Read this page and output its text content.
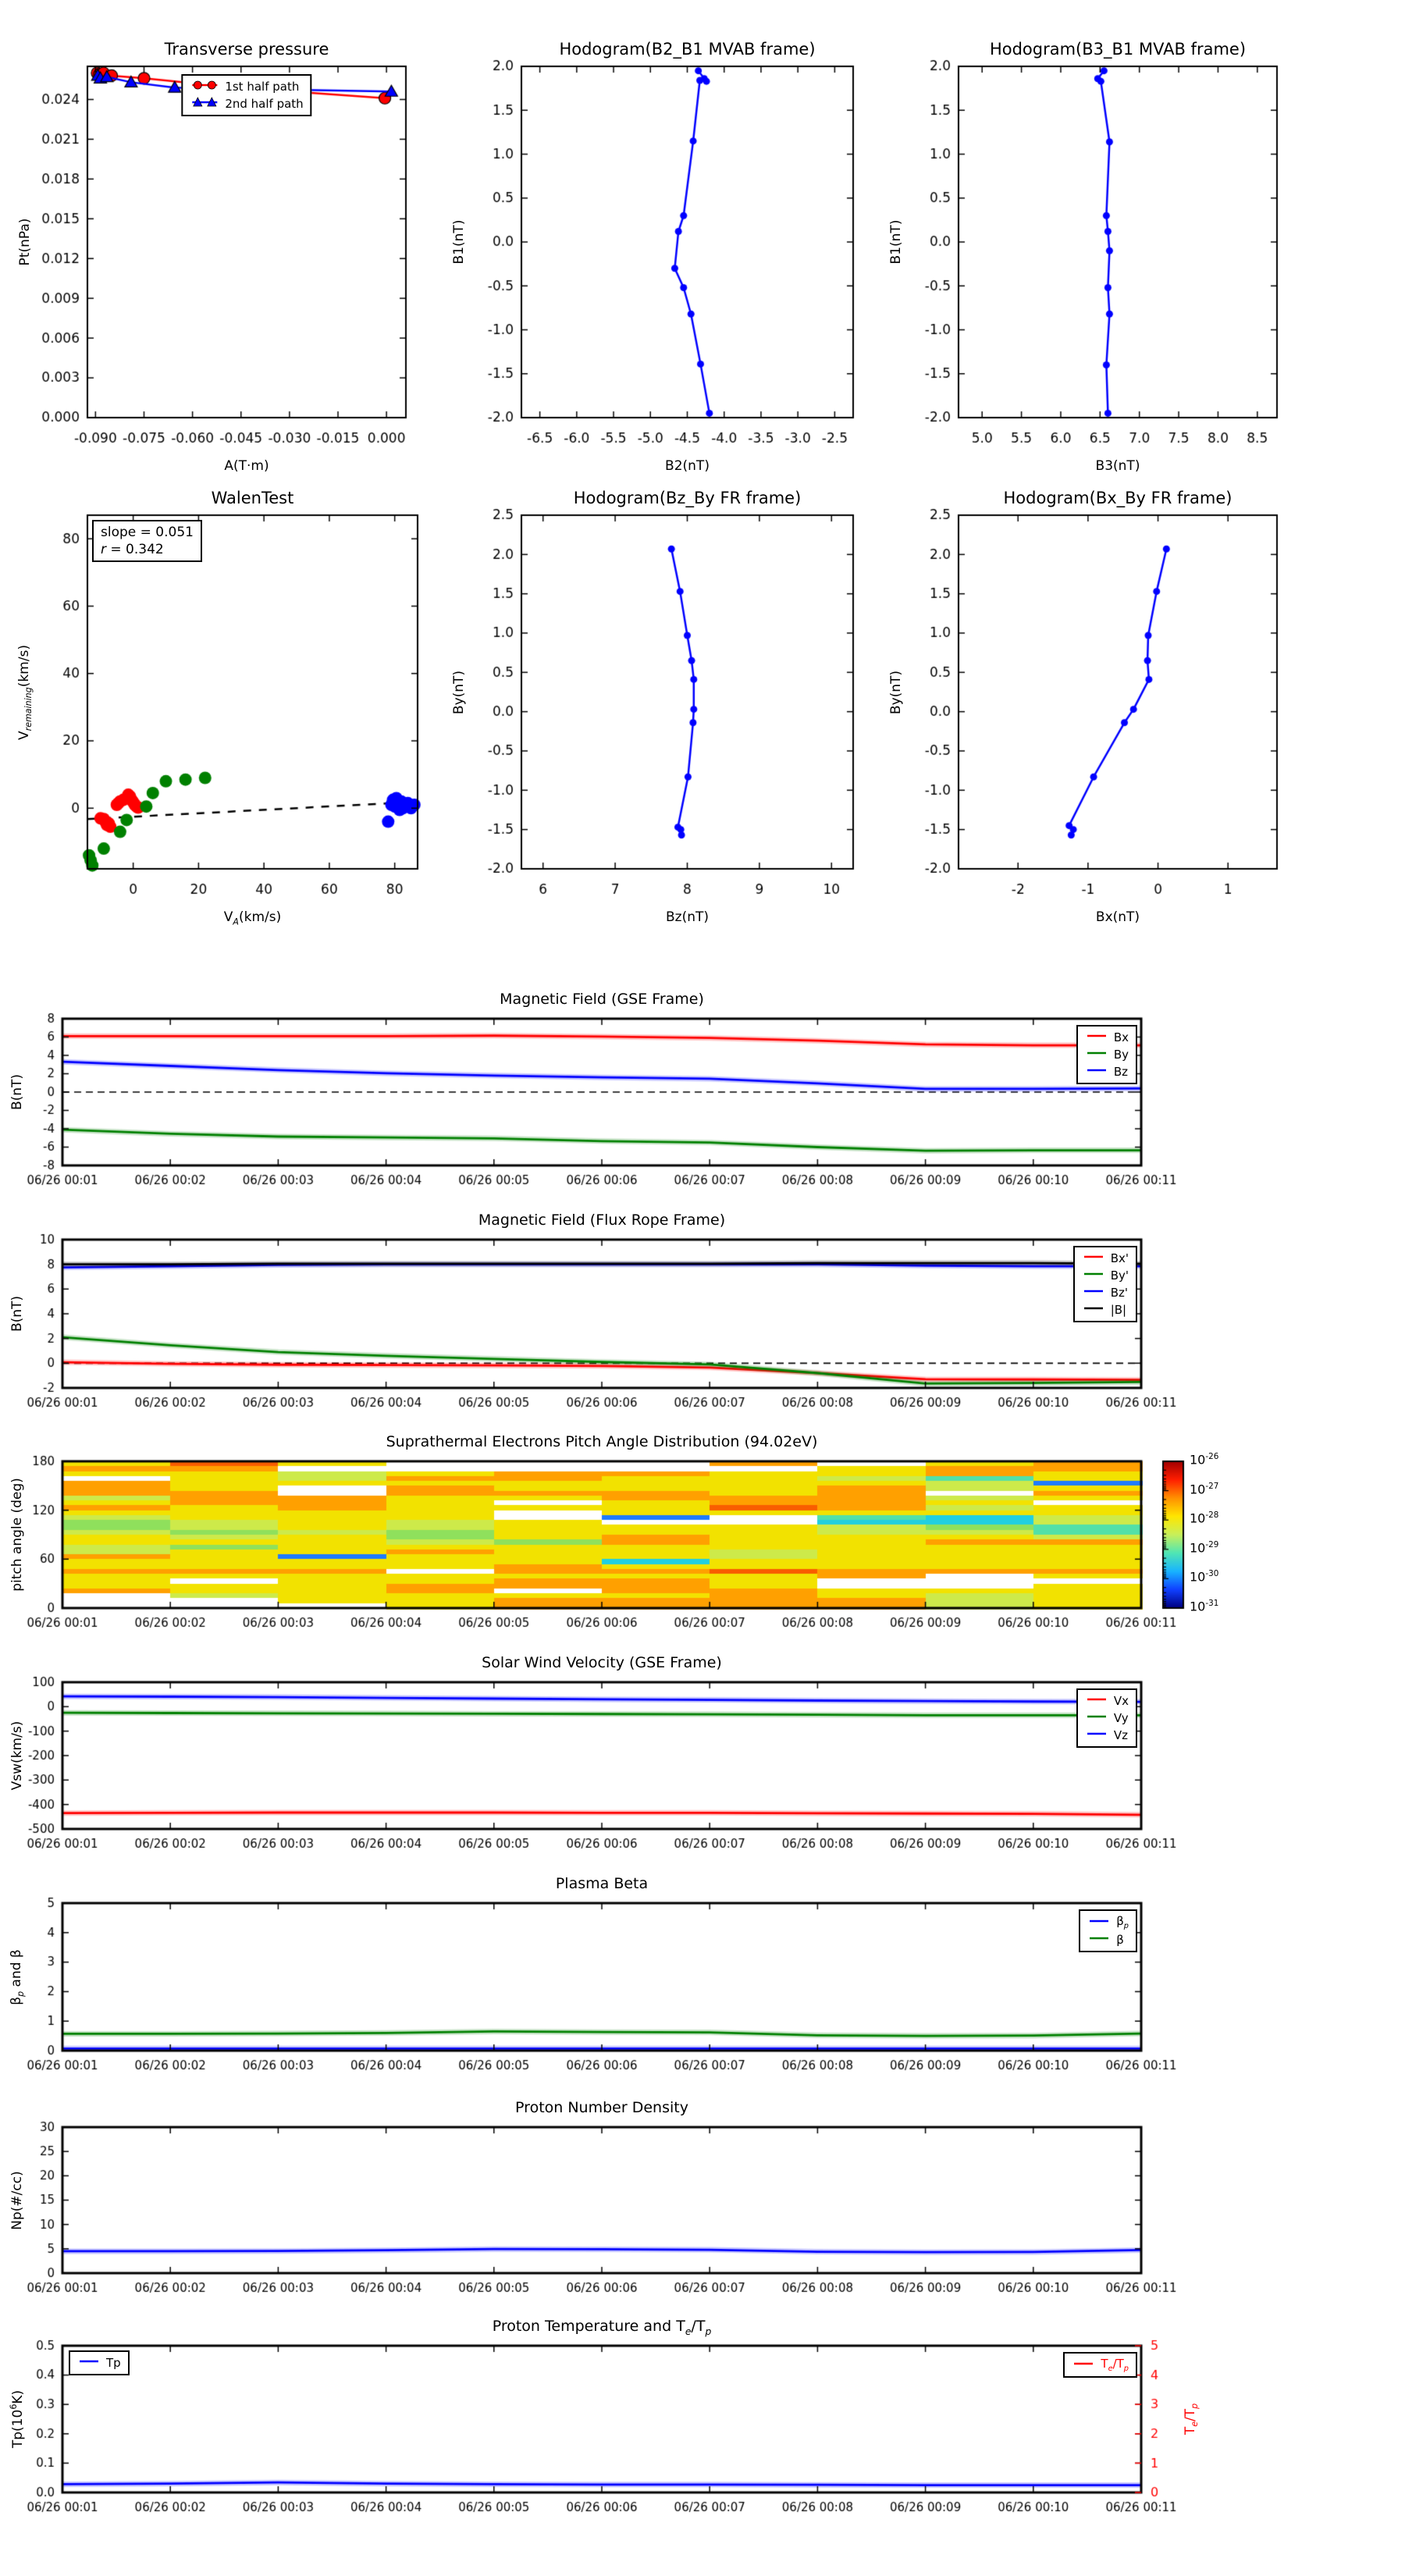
1st half path
2nd half path
slope = 0.051
r = 0.342
Bx
By
Bz
Bx'
By'
Bz'
|B|
$10^{-26}$
$10^{-27}$
$10^{-28}$
$10^{-29}$
$10^{-30}$
$10^{-31}$
Vx
Vy
Vz
$\beta_p$
β
Tp	$T_e/T_p$
